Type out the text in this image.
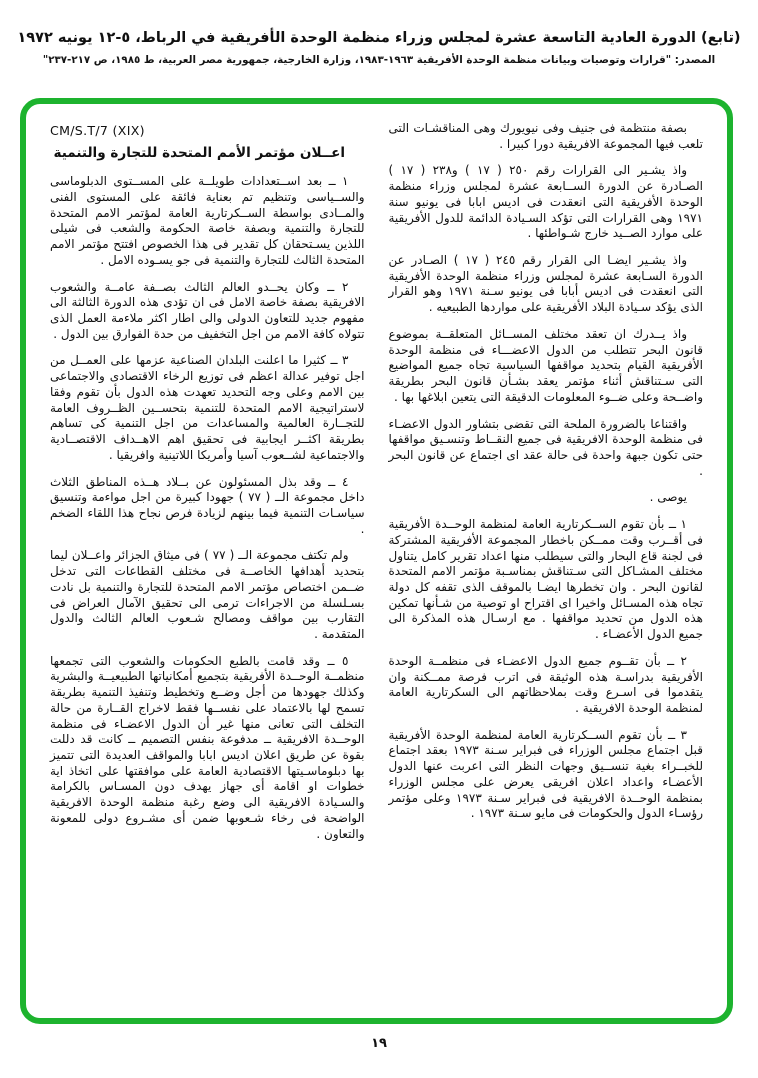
(تابع) الدورة العادية التاسعة عشرة لمجلس وزراء منظمة الوحدة الأفريقية في الرباط، ٥-١٢ يونيه ١٩٧٢
المصدر: "قرارات وتوصيات وبيانات منظمة الوحدة الأفريقية ١٩٦٣-١٩٨٣، وزارة الخارجية، جمهورية مصر العربية، ط ١٩٨٥، ص ٢١٧-٢٣٧"

بصفة منتظمة فى جنيف وفى نيويورك وهى المناقشـات التى تلعب فيها المجموعة الافريقية دورا كبيرا .

واذ يشـير الى القرارات رقم ٢٥٠ ( ١٧ ) و٢٣٨ ( ١٧ ) الصـادرة عن الدورة الســابعة عشرة لمجلس وزراء منظمة الوحدة الأفريقية التى انعقدت فى اديس ابابا فى يونيو سنة ١٩٧١ وهى القرارات التى تؤكد السـيادة الدائمة للدول الأفريقية على موارد الصــيد خارج شـواطئها .

واذ يشـير ايضـا الى القرار رقم ٢٤٥ ( ١٧ ) الصـادر عن الدورة السـابعة عشرة لمجلس وزراء منظمة الوحدة الأفريقية التى انعقدت فى اديس أبابا فى يونيو سـنة ١٩٧١ وهو القرار الذى يؤكد سـيادة البلاد الأفريقية على مواردها الطبيعيه .

واذ يــدرك ان تعقد مختلف المســائل المتعلقــة بموضوع قانون البحر تتطلب من الدول الاعضـــاء فى منظمة الوحدة الأفريقية القيام بتحديد مواقفها السياسية تجاه جميع المواضيع التى سـتناقش أثناء مؤتمر يعقد بشـأن قانون البحر بطريقة واضــحة وعلى ضــوء المعلومات الدقيقة التى يتعين ابلاغها بها .

واقتناعا بالضرورة الملحة التى تقضى بتشاور الدول الاعضـاء فى منظمة الوحدة الافريقية فى جميع النقــاط وتنسـيق مواقفها حتى تكون جبهة واحدة فى حالة عقد اى اجتماع عن قانون البحر .

يوصى .

١ ــ بأن تقوم الســكرتارية العامة لمنظمة الوحــدة الأفريقية فى أقــرب وقت ممــكن باخطار المجموعة الأفريقية المشتركة فى لجنة قاع البحار والتى سيطلب منها اعداد تقرير كامل يتناول مختلف المشـاكل التى سـتناقش بمناسـبة مؤتمر الامم المتحدة لقانون البحر . وان تخطرها ايضـا بالموقف الذى تقفه كل دولة تجاه هذه المسـائل واخيرا اى اقتراح او توصية من شـأنها تمكين هذه الدول من تحديد مواقفها . مع ارسـال هذه المذكرة الى جميع الدول الأعضـاء .

٢ ــ بأن تقــوم جميع الدول الاعضـاء فى منظمــة الوحدة الأفريقية بدراسـة هذه الوثيقة فى اترب فرصة ممــكنة وان يتقدموا فى اسـرع وقت بملاحظاتهم الى السكرتارية العامة لمنظمة الوحدة الافريقية .

٣ ــ بأن تقوم الســكرتارية العامة لمنظمة الوحدة الأفريقية قبل اجتماع مجلس الوزراء فى فبراير سـنة ١٩٧٣ بعقد اجتماع للخبــراء بغية تنســيق وجهات النظر التى اعربت عنها الدول الأعضـاء واعداد اعلان افريقى يعرض على مجلس الوزراء بمنظمة الوحــدة الافريقية فى فبراير سـنة ١٩٧٣ وعلى مؤتمر رؤسـاء الدول والحكومات فى مايو سـنة ١٩٧٣ .

CM/S.T/7 (XIX)

اعــلان مؤتمر الأمم المتحدة للتجارة والتنمية

١ ــ بعد اســتعدادات طويلــة على المســتوى الدبلوماسى والســياسى وتنظيم تم بعناية فائقة على المستوى الفنى والمــادى بواسطة الســكرتارية العامة لمؤتمر الامم المتحدة للتجارة والتنمية وبصفة خاصة الحكومة والشعب فى شيلى اللذين يسـتحقان كل تقدير فى هذا الخصوص افتتح مؤتمر الامم المتحدة الثالث للتجارة والتنمية فى جو يسـوده الامل .

٢ ــ وكان يحــدو العالم الثالث بصــفة عامــة والشعوب الافريقية بصفة خاصة الامل فى ان تؤدى هذه الدورة الثالثة الى مفهوم جديد للتعاون الدولى والى اطار اكثر ملاءمة العمل الذى تتولاه كافة الامم من اجل التخفيف من حدة الفوارق بين الدول .

٣ ــ كثيرا ما اعلنت البلدان الصناعية عزمها على العمــل من اجل توفير عدالة اعظم فى توزيع الرخاء الاقتصادى والاجتماعى بين الامم وعلى وجه التحديد تعهدت هذه الدول بأن تقوم وفقا لاستراتيجية الامم المتحدة للتنمية بتحســين الظــروف العامة للتجــارة العالمية والمساعدات من اجل التنمية كى تساهم بطريقة اكثــر ايجابية فى تحقيق اهم الاهــداف الاقتصــادية والاجتماعية لشــعوب آسيا وأمريكا اللاتينية وافريقيا .

٤ ــ وقد بذل المسئولون عن بــلاد هــذه المناطق الثلاث داخل مجموعة الــ ( ٧٧ ) جهودا كبيرة من اجل مواءمة وتنسيق سياسـات التنمية فيما بينهم لزيادة فرص نجاح هذا اللقاء الضخم .

ولم تكتف مجموعة الــ ( ٧٧ ) فى ميثاق الجزائر واعــلان ليما بتحديد أهدافها الخاصــة فى مختلف القطاعات التى تدخل ضــمن اختصاص مؤتمر الامم المتحدة للتجارة والتنمية بل نادت بسـلسلة من الاجراءات ترمى الى تحقيق الآمال العراض فى التقارب بين مواقف ومصالح شـعوب العالم الثالث والدول المتقدمة .

٥ ــ وقد قامت بالطبع الحكومات والشعوب التى تجمعها منظمــة الوحــدة الأفريقية بتجميع أمكانياتها الطبيعيــة والبشرية وكذلك جهودها من أجل وضــع وتخطيط وتنفيذ التنمية بطريقة تسمح لها بالاعتماد على نفســها فقط لاخراج القــارة من حالة التخلف التى تعانى منها غير أن الدول الاعضـاء فى منظمة الوحــدة الافريقية ــ مدفوعة بنفس التصميم ــ كانت قد دللت بقوة عن طريق اعلان اديس ابابا والمواقف العديدة التى تتميز بها دبلوماسـيتها الاقتصادية العامة على موافقتها على اتخاذ اية خطوات او اقامة أى جهاز يهدف دون المسـاس بالكرامة والسـيادة الافريقية الى وضع رغبة منظمة الوحدة الافريقية الواضحة فى رخاء شـعوبها ضمن أى مشـروع دولى للمعونة والتعاون .

١٩
